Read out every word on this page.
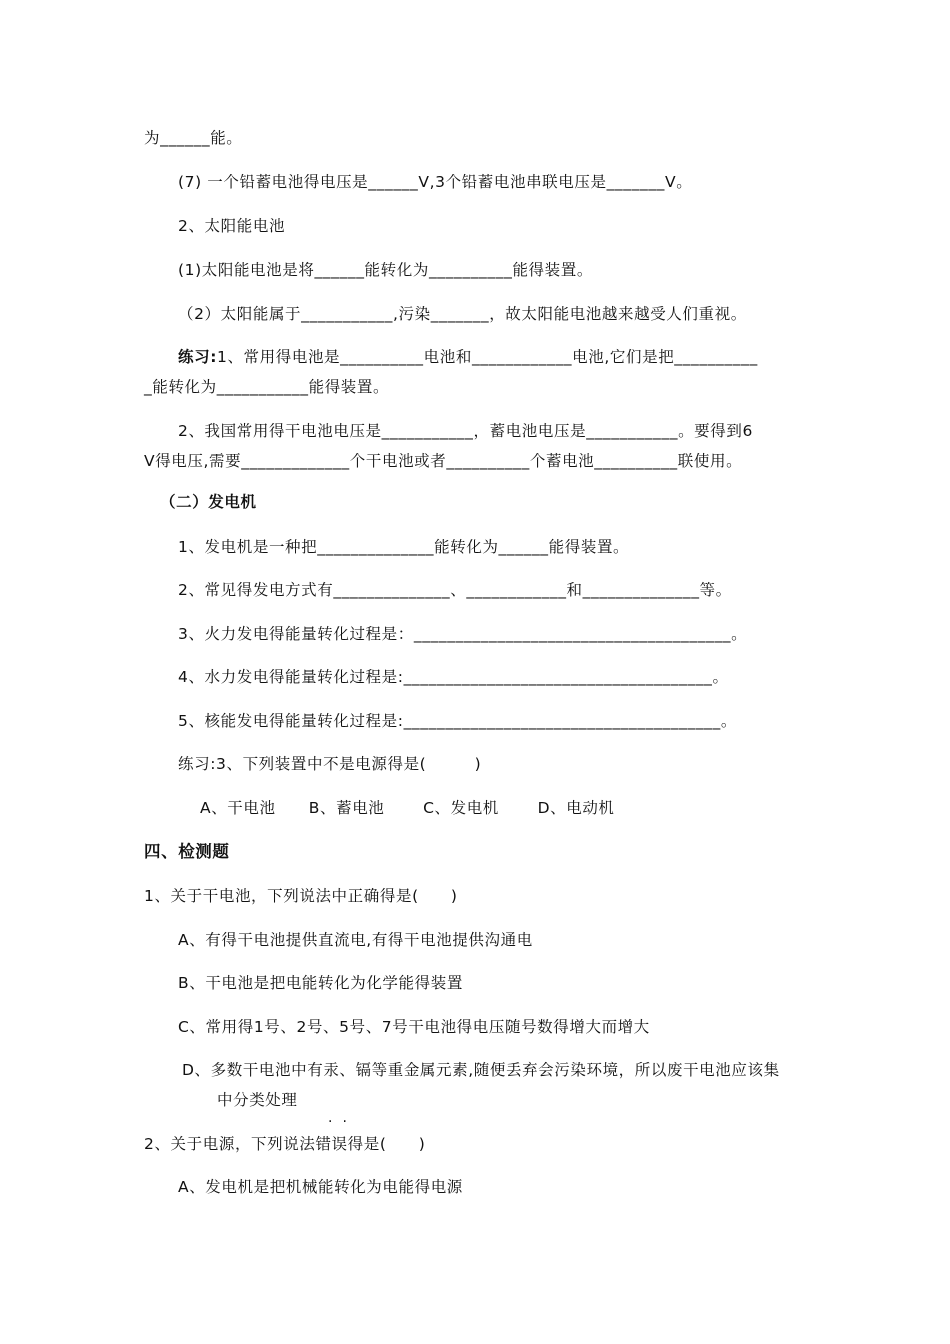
为______能。
(7) 一个铅蓄电池得电压是______V,3个铅蓄电池串联电压是_______V。
2、太阳能电池
(1)太阳能电池是将______能转化为__________能得装置。
（2）太阳能属于___________,污染_______，故太阳能电池越来越受人们重视。
练习:1、常用得电池是__________电池和____________电池,它们是把__________
_能转化为___________能得装置。
2、我国常用得干电池电压是___________，蓄电池电压是___________。要得到6
V得电压,需要_____________个干电池或者__________个蓄电池__________联使用。
（二）发电机
1、发电机是一种把______________能转化为______能得装置。
2、常见得发电方式有______________、____________和______________等。
3、火力发电得能量转化过程是：______________________________________。
4、水力发电得能量转化过程是:_____________________________________。
5、核能发电得能量转化过程是:______________________________________。
练习:3、下列装置中不是电源得是(　　　)
A、干电池      B、蓄电池       C、发电机       D、电动机
四、检测题
1、关于干电池，下列说法中正确得是(　　)
A、有得干电池提供直流电,有得干电池提供沟通电
B、干电池是把电能转化为化学能得装置
C、常用得1号、2号、5号、7号干电池得电压随号数得增大而增大
D、多数干电池中有汞、镉等重金属元素,随便丢弃会污染环境，所以废干电池应该集
中分类处理
··
2、关于电源，下列说法错误得是(　　)
A、发电机是把机械能转化为电能得电源
